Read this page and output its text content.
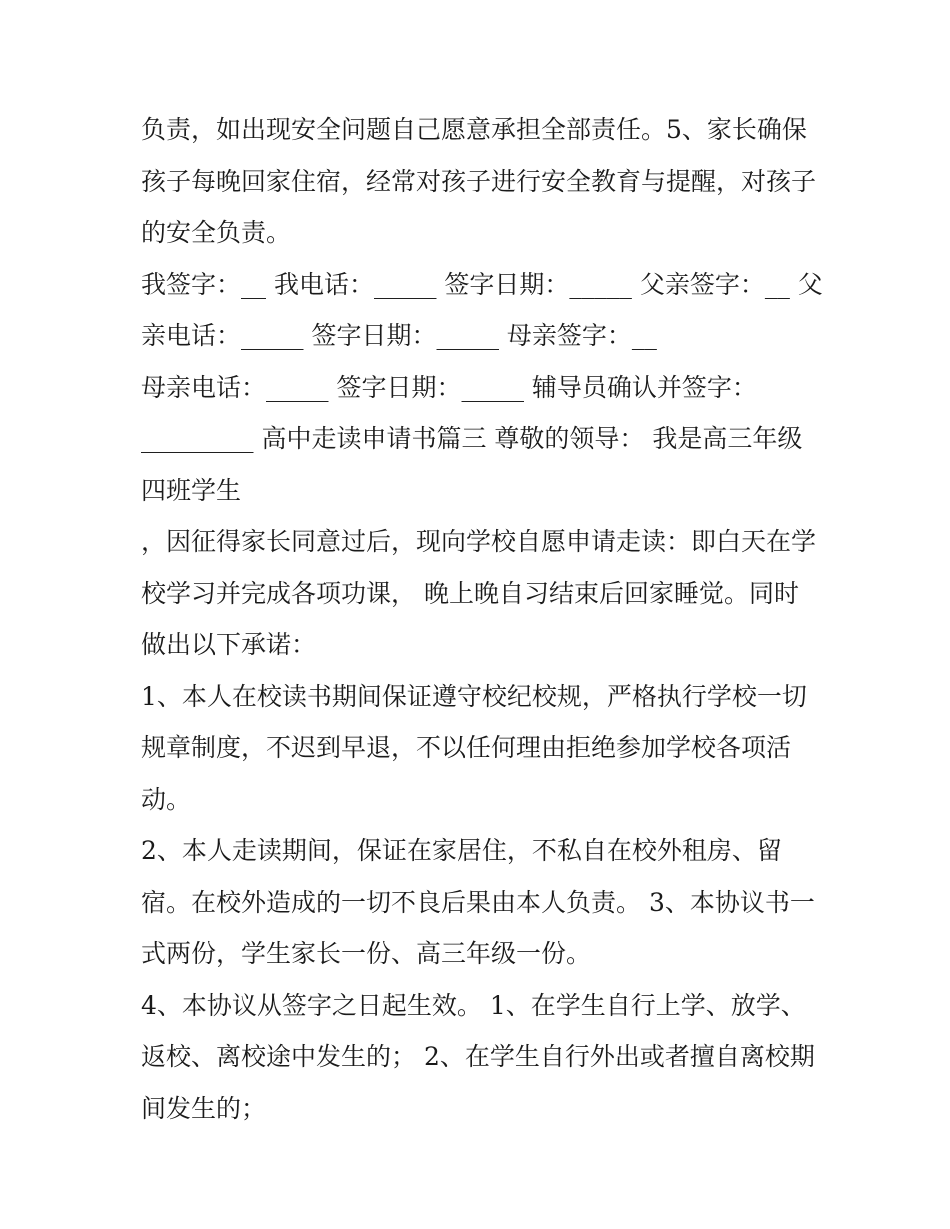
负责，如出现安全问题自己愿意承担全部责任。5、家长确保
孩子每晚回家住宿，经常对孩子进行安全教育与提醒，对孩子
的安全负责。
我签字：__ 我电话：_____ 签字日期：_____ 父亲签字：__ 父
亲电话：_____ 签字日期：_____ 母亲签字：__
母亲电话：_____ 签字日期：_____ 辅导员确认并签字：
_________ 高中走读申请书篇三 尊敬的领导： 我是高三年级
四班学生
，因征得家长同意过后，现向学校自愿申请走读：即白天在学
校学习并完成各项功课， 晚上晚自习结束后回家睡觉。同时
做出以下承诺：
1、本人在校读书期间保证遵守校纪校规，严格执行学校一切
规章制度，不迟到早退，不以任何理由拒绝参加学校各项活
动。
2、本人走读期间，保证在家居住，不私自在校外租房、留
宿。在校外造成的一切不良后果由本人负责。 3、本协议书一
式两份，学生家长一份、高三年级一份。
4、本协议从签字之日起生效。 1、在学生自行上学、放学、
返校、离校途中发生的； 2、在学生自行外出或者擅自离校期
间发生的；
